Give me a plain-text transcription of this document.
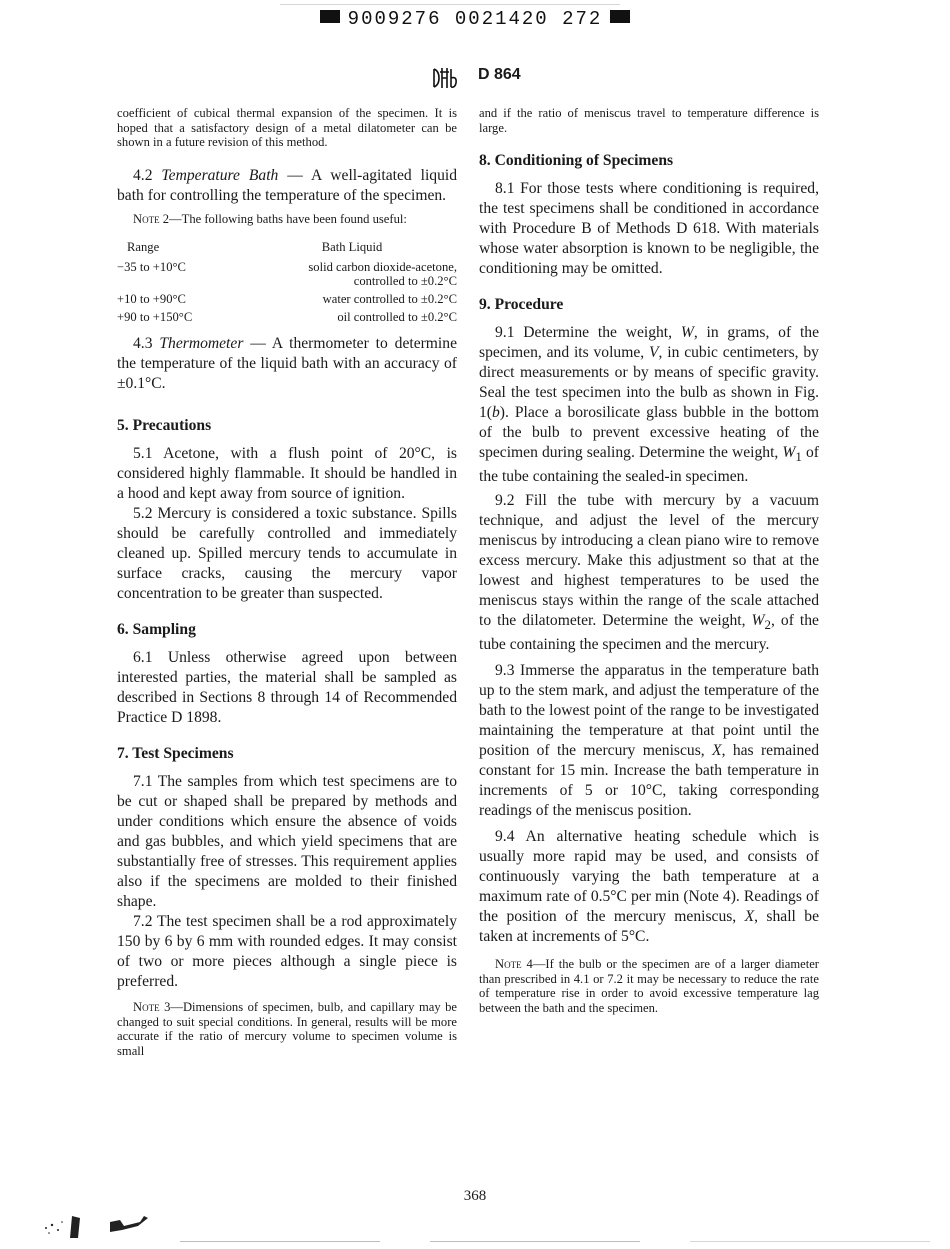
9009276 0021420 272
D 864

coefficient of cubical thermal expansion of the specimen. It is hoped that a satisfactory design of a metal dilatometer can be shown in a future revision of this method.

4.2 Temperature Bath — A well-agitated liquid bath for controlling the temperature of the specimen.

Note 2—The following baths have been found useful:

Range	Bath Liquid
−35 to +10°C	solid carbon dioxide-acetone, controlled to ±0.2°C
+10 to +90°C	water controlled to ±0.2°C
+90 to +150°C	oil controlled to ±0.2°C

4.3 Thermometer — A thermometer to determine the temperature of the liquid bath with an accuracy of ±0.1°C.

5. Precautions

5.1 Acetone, with a flush point of 20°C, is considered highly flammable. It should be handled in a hood and kept away from source of ignition.

5.2 Mercury is considered a toxic substance. Spills should be carefully controlled and immediately cleaned up. Spilled mercury tends to accumulate in surface cracks, causing the mercury vapor concentration to be greater than suspected.

6. Sampling

6.1 Unless otherwise agreed upon between interested parties, the material shall be sampled as described in Sections 8 through 14 of Recommended Practice D 1898.

7. Test Specimens

7.1 The samples from which test specimens are to be cut or shaped shall be prepared by methods and under conditions which ensure the absence of voids and gas bubbles, and which yield specimens that are substantially free of stresses. This requirement applies also if the specimens are molded to their finished shape.

7.2 The test specimen shall be a rod approximately 150 by 6 by 6 mm with rounded edges. It may consist of two or more pieces although a single piece is preferred.

Note 3—Dimensions of specimen, bulb, and capillary may be changed to suit special conditions. In general, results will be more accurate if the ratio of mercury volume to specimen volume is small

and if the ratio of meniscus travel to temperature difference is large.

8. Conditioning of Specimens

8.1 For those tests where conditioning is required, the test specimens shall be conditioned in accordance with Procedure B of Methods D 618. With materials whose water absorption is known to be negligible, the conditioning may be omitted.

9. Procedure

9.1 Determine the weight, W, in grams, of the specimen, and its volume, V, in cubic centimeters, by direct measurements or by means of specific gravity. Seal the test specimen into the bulb as shown in Fig. 1(b). Place a borosilicate glass bubble in the bottom of the bulb to prevent excessive heating of the specimen during sealing. Determine the weight, $W_1$ of the tube containing the sealed-in specimen.

9.2 Fill the tube with mercury by a vacuum technique, and adjust the level of the mercury meniscus by introducing a clean piano wire to remove excess mercury. Make this adjustment so that at the lowest and highest temperatures to be used the meniscus stays within the range of the scale attached to the dilatometer. Determine the weight, $W_2$, of the tube containing the specimen and the mercury.

9.3 Immerse the apparatus in the temperature bath up to the stem mark, and adjust the temperature of the bath to the lowest point of the range to be investigated maintaining the temperature at that point until the position of the mercury meniscus, X, has remained constant for 15 min. Increase the bath temperature in increments of 5 or 10°C, taking corresponding readings of the meniscus position.

9.4 An alternative heating schedule which is usually more rapid may be used, and consists of continuously varying the bath temperature at a maximum rate of 0.5°C per min (Note 4). Readings of the position of the mercury meniscus, X, shall be taken at increments of 5°C.

Note 4—If the bulb or the specimen are of a larger diameter than prescribed in 4.1 or 7.2 it may be necessary to reduce the rate of temperature rise in order to avoid excessive temperature lag between the bath and the specimen.

368
